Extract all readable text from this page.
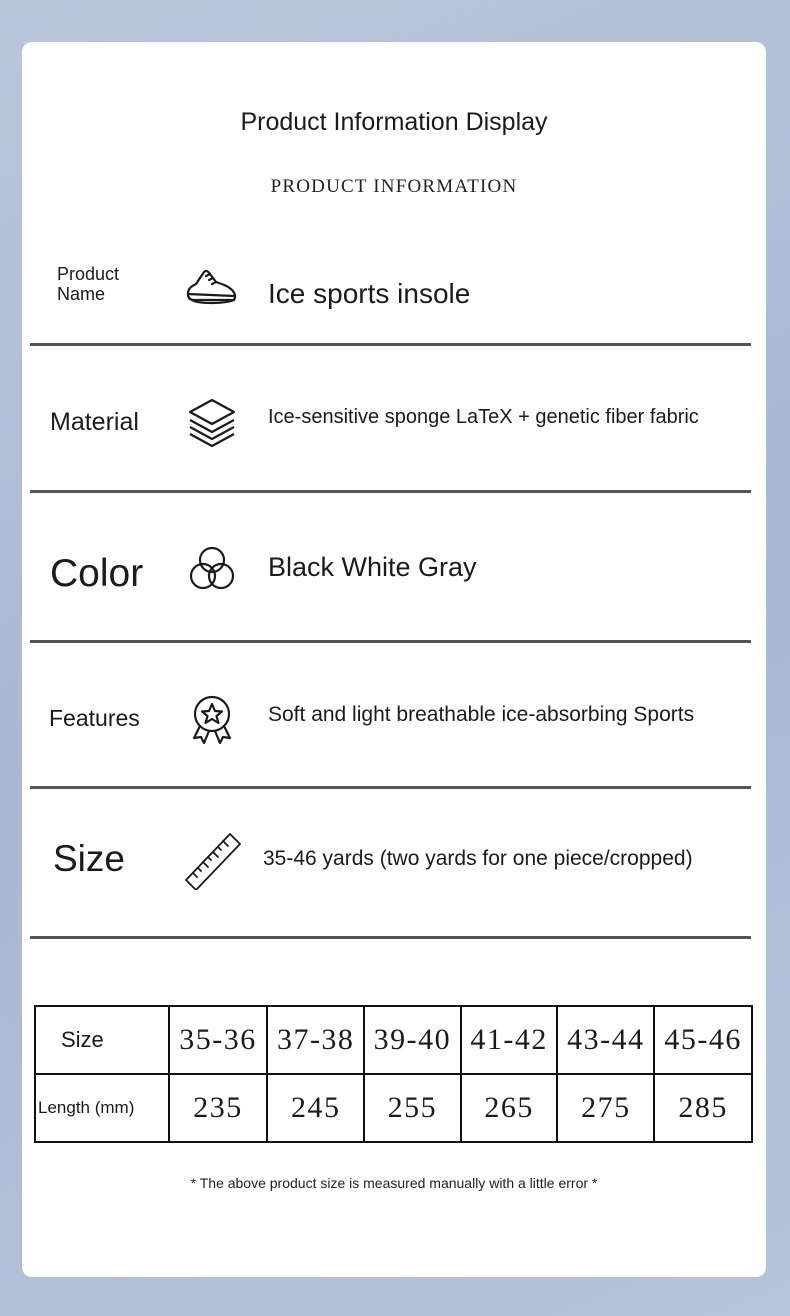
Product Information Display
PRODUCT INFORMATION
Product
Name	Ice sports insole
Material	Ice-sensitive sponge LaTeX + genetic fiber fabric
Color	Black White Gray
Features	Soft and light breathable ice-absorbing Sports
Size	35-46 yards (two yards for one piece/cropped)
Size	35-36	37-38	39-40	41-42	43-44	45-46
Length (mm)	235	245	255	265	275	285
* The above product size is measured manually with a little error *
